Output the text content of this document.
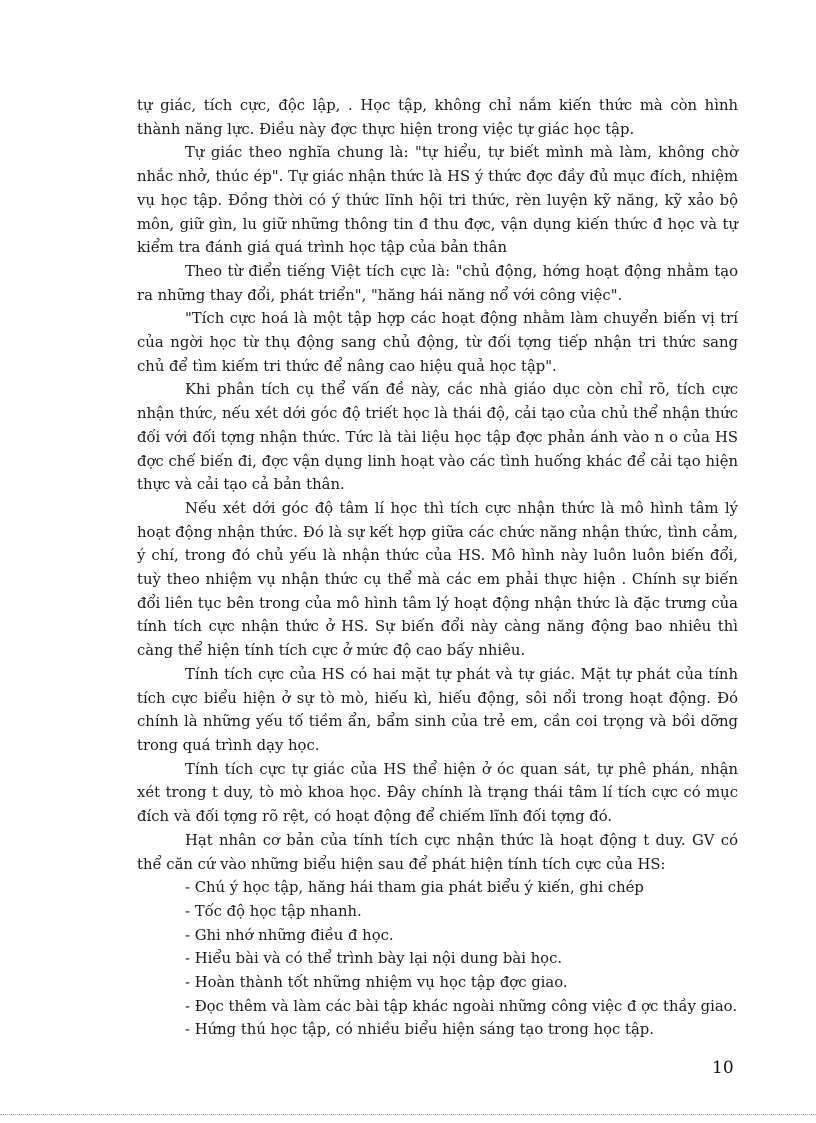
tự giác, tích cực, độc lập, . Học tập, không chỉ nắm kiến thức mà còn hình thành năng lực. Điều này đợc thực hiện trong việc tự giác học tập.

Tự giác theo nghĩa chung là: "tự hiểu, tự biết mình mà làm, không chờ nhắc nhở, thúc ép". Tự giác nhận thức là HS ý thức đợc đầy đủ mục đích, nhiệm vụ học tập. Đồng thời có ý thức lĩnh hội tri thức, rèn luyện kỹ năng, kỹ xảo bộ môn, giữ gìn, lu giữ những thông tin đ thu đợc, vận dụng kiến thức đ học và tự kiểm tra đánh giá quá trình học tập của bản thân

Theo từ điển tiếng Việt tích cực là: "chủ động, hớng hoạt động nhằm tạo ra những thay đổi, phát triển", "hăng hái năng nổ với công việc".

"Tích cực hoá là một tập hợp các hoạt động nhằm làm chuyển biến vị trí của ngời học từ thụ động sang chủ động, từ đối tợng tiếp nhận tri thức sang chủ để tìm kiếm tri thức để nâng cao hiệu quả học tập".

Khi phân tích cụ thể vấn đề này, các nhà giáo dục còn chỉ rõ, tích cực nhận thức, nếu xét dới góc độ triết học là thái độ, cải tạo của chủ thể nhận thức đối với đối tợng nhận thức. Tức là tài liệu học tập đợc phản ánh vào n o của HS đợc chế biến đi, đợc vận dụng linh hoạt vào các tình huống khác để cải tạo hiện thực và cải tạo cả bản thân.

Nếu xét dới góc độ tâm lí học thì tích cực nhận thức là mô hình tâm lý hoạt động nhận thức. Đó là sự kết hợp giữa các chức năng nhận thức, tình cảm, ý chí, trong đó chủ yếu là nhận thức của HS. Mô hình này luôn luôn biến đổi, tuỳ theo nhiệm vụ nhận thức cụ thể mà các em phải thực hiện . Chính sự biến đổi liên tục bên trong của mô hình tâm lý hoạt động nhận thức là đặc trưng của tính tích cực nhận thức ở HS. Sự biến đổi này càng năng động bao nhiêu thì càng thể hiện tính tích cực ở mức độ cao bấy nhiêu.

Tính tích cực của HS có hai mặt tự phát và tự giác. Mặt tự phát của tính tích cực biểu hiện ở sự tò mò, hiếu kì, hiếu động, sôi nổi trong hoạt động. Đó chính là những yếu tố tiềm ẩn, bẩm sinh của trẻ em, cần coi trọng và bồi dỡng trong quá trình dạy học.

Tính tích cực tự giác của HS thể hiện ở óc quan sát, tự phê phán, nhận xét trong t duy, tò mò khoa học. Đây chính là trạng thái tâm lí tích cực có mục đích và đối tợng rõ rệt, có hoạt động để chiếm lĩnh đối tợng đó.

Hạt nhân cơ bản của tính tích cực nhận thức là hoạt động t duy. GV có thể căn cứ vào những biểu hiện sau để phát hiện tính tích cực của HS:

- Chú ý học tập, hăng hái tham gia phát biểu ý kiến, ghi chép

- Tốc độ học tập nhanh.

- Ghi nhớ những điều đ học.

- Hiểu bài và có thể trình bày lại nội dung bài học.

- Hoàn thành tốt những nhiệm vụ học tập đợc giao.

- Đọc thêm và làm các bài tập khác ngoài những công việc đ ợc thầy giao.

- Hứng thú học tập, có nhiều biểu hiện sáng tạo trong học tập.

10
